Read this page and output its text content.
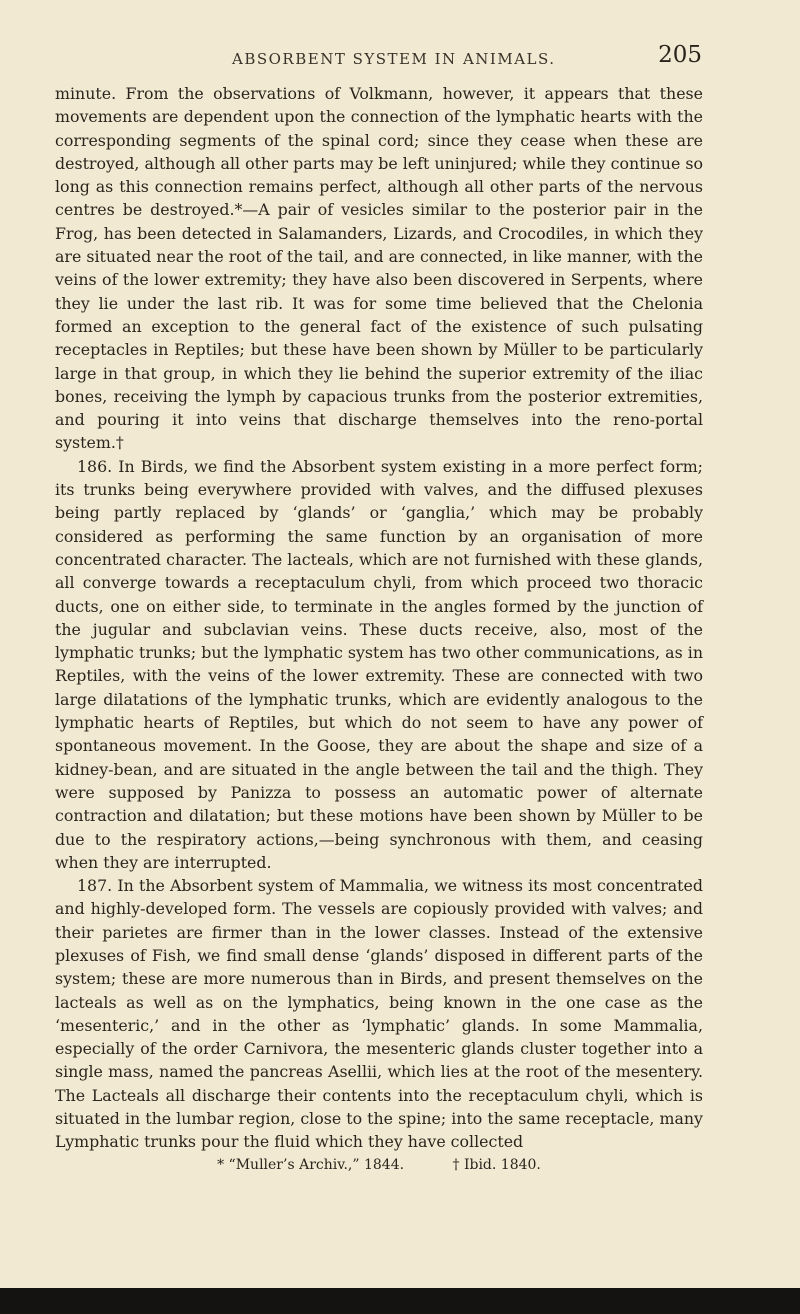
ABSORBENT SYSTEM IN ANIMALS.	205

minute. From the observations of Volkmann, however, it appears that these movements are dependent upon the connection of the lymphatic hearts with the corresponding segments of the spinal cord; since they cease when these are destroyed, although all other parts may be left uninjured; while they continue so long as this connection remains perfect, although all other parts of the nervous centres be destroyed.*—A pair of vesicles similar to the posterior pair in the Frog, has been detected in Salamanders, Lizards, and Crocodiles, in which they are situated near the root of the tail, and are connected, in like manner, with the veins of the lower extremity; they have also been discovered in Serpents, where they lie under the last rib. It was for some time believed that the Chelonia formed an exception to the general fact of the existence of such pulsating receptacles in Reptiles; but these have been shown by Müller to be particularly large in that group, in which they lie behind the superior extremity of the iliac bones, receiving the lymph by capacious trunks from the posterior extremities, and pouring it into veins that discharge themselves into the reno-portal system.†

186. In Birds, we find the Absorbent system existing in a more perfect form; its trunks being everywhere provided with valves, and the diffused plexuses being partly replaced by ‘glands’ or ‘ganglia,’ which may be probably considered as performing the same function by an organisation of more concentrated character. The lacteals, which are not furnished with these glands, all converge towards a receptaculum chyli, from which proceed two thoracic ducts, one on either side, to terminate in the angles formed by the junction of the jugular and subclavian veins. These ducts receive, also, most of the lymphatic trunks; but the lymphatic system has two other communications, as in Reptiles, with the veins of the lower extremity. These are connected with two large dilatations of the lymphatic trunks, which are evidently analogous to the lymphatic hearts of Reptiles, but which do not seem to have any power of spontaneous movement. In the Goose, they are about the shape and size of a kidney-bean, and are situated in the angle between the tail and the thigh. They were supposed by Panizza to possess an automatic power of alternate contraction and dilatation; but these motions have been shown by Müller to be due to the respiratory actions,—being synchronous with them, and ceasing when they are interrupted.

187. In the Absorbent system of Mammalia, we witness its most concentrated and highly-developed form. The vessels are copiously provided with valves; and their parietes are firmer than in the lower classes. Instead of the extensive plexuses of Fish, we find small dense ‘glands’ disposed in different parts of the system; these are more numerous than in Birds, and present themselves on the lacteals as well as on the lymphatics, being known in the one case as the ‘mesenteric,’ and in the other as ‘lymphatic’ glands. In some Mammalia, especially of the order Carnivora, the mesenteric glands cluster together into a single mass, named the pancreas Asellii, which lies at the root of the mesentery. The Lacteals all discharge their contents into the receptaculum chyli, which is situated in the lumbar region, close to the spine; into the same receptacle, many Lymphatic trunks pour the fluid which they have collected

* “Muller’s Archiv.,” 1844.	† Ibid. 1840.
